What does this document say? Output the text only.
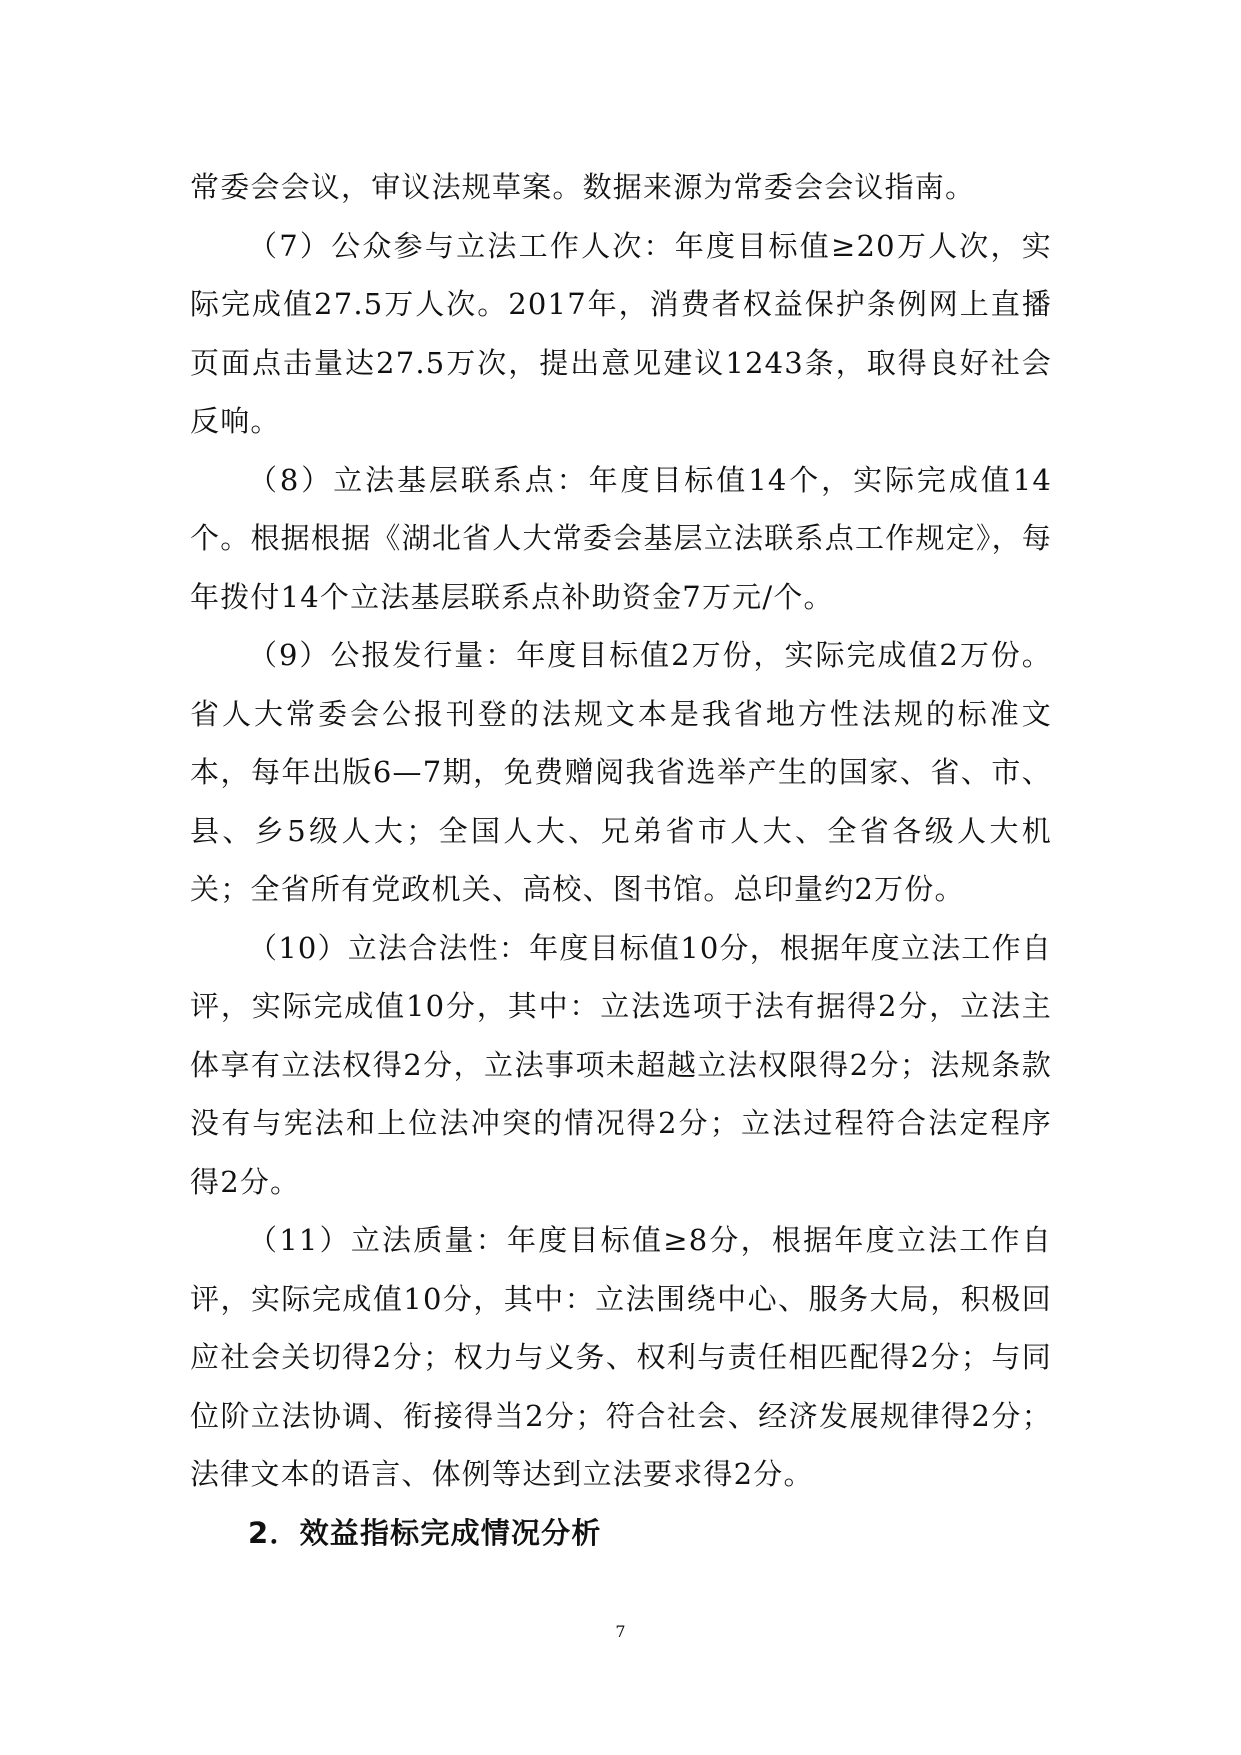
常委会会议，审议法规草案。数据来源为常委会会议指南。

（7）公众参与立法工作人次：年度目标值≥20万人次，实际完成值27.5万人次。2017年，消费者权益保护条例网上直播页面点击量达27.5万次，提出意见建议1243条，取得良好社会反响。

（8）立法基层联系点：年度目标值14个，实际完成值14个。根据根据《湖北省人大常委会基层立法联系点工作规定》，每年拨付14个立法基层联系点补助资金7万元/个。

（9）公报发行量：年度目标值2万份，实际完成值2万份。省人大常委会公报刊登的法规文本是我省地方性法规的标准文本，每年出版6—7期，免费赠阅我省选举产生的国家、省、市、县、乡5级人大；全国人大、兄弟省市人大、全省各级人大机关；全省所有党政机关、高校、图书馆。总印量约2万份。

（10）立法合法性：年度目标值10分，根据年度立法工作自评，实际完成值10分，其中：立法选项于法有据得2分，立法主体享有立法权得2分，立法事项未超越立法权限得2分；法规条款没有与宪法和上位法冲突的情况得2分；立法过程符合法定程序得2分。

（11）立法质量：年度目标值≥8分，根据年度立法工作自评，实际完成值10分，其中：立法围绕中心、服务大局，积极回应社会关切得2分；权力与义务、权利与责任相匹配得2分；与同位阶立法协调、衔接得当2分；符合社会、经济发展规律得2分；法律文本的语言、体例等达到立法要求得2分。

2．效益指标完成情况分析

7
